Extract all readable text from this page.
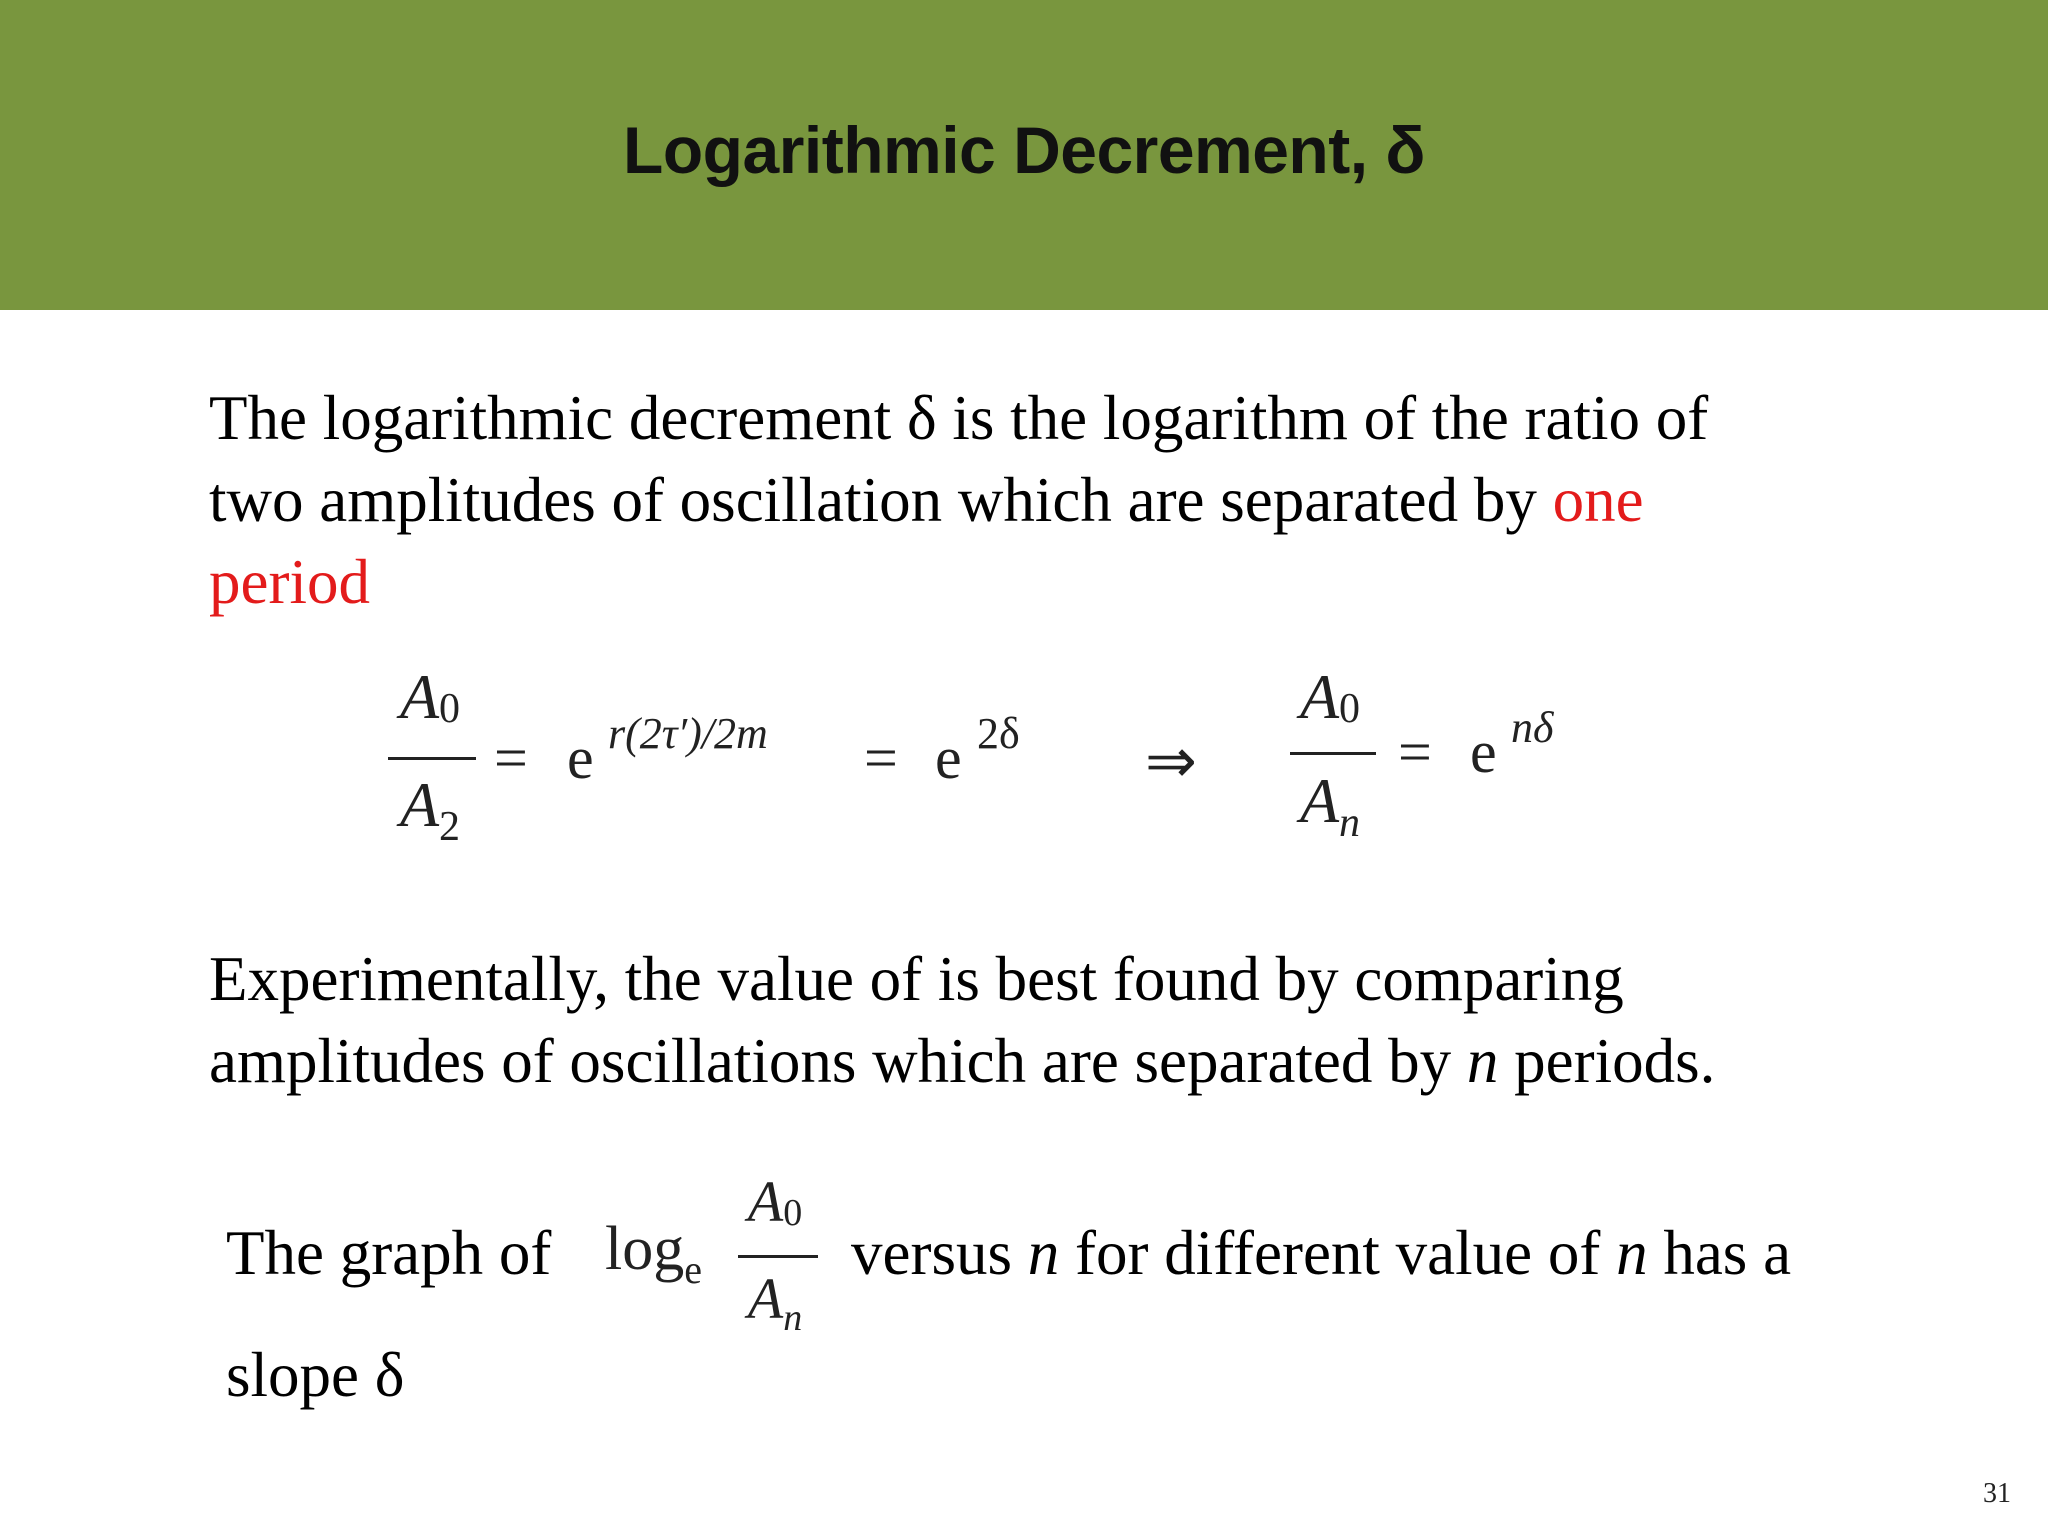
Logarithmic Decrement, δ
The logarithmic decrement δ is the logarithm of the ratio of
two amplitudes of oscillation which are separated by one
period
A0
A2
= e r(2τ′)/2m = e 2δ ⇒
A0
An
= e nδ
Experimentally, the value of is best found by comparing
amplitudes of oscillations which are separated by n periods.
The graph of $\log_e$
A0
An
versus n for different value of n has a
slope δ
31
